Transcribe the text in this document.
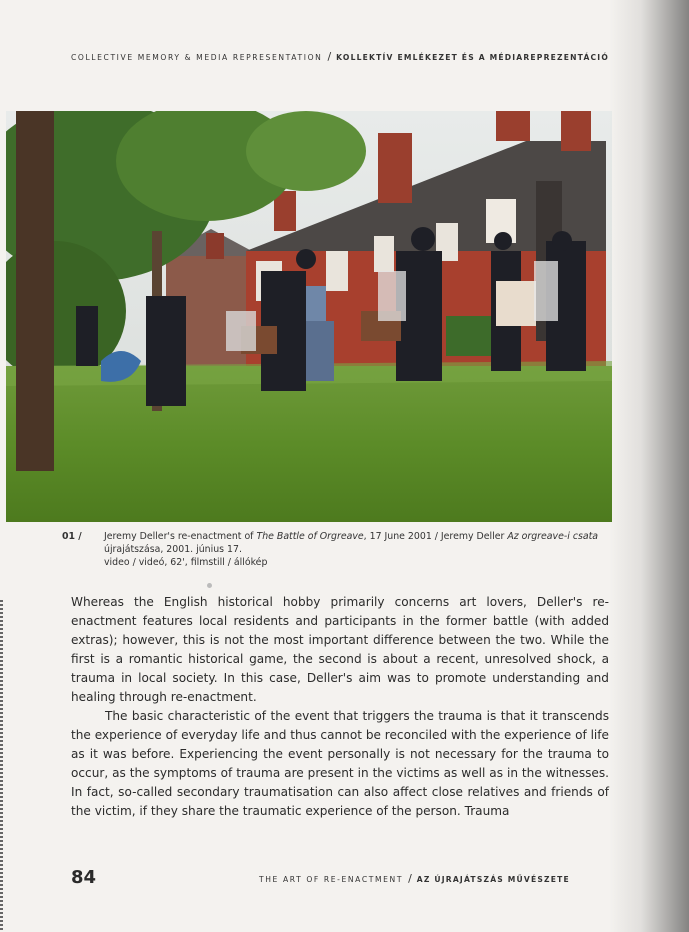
COLLECTIVE MEMORY & MEDIA REPRESENTATION / KOLLEKTÍV EMLÉKEZET ÉS A MÉDIAREPREZENTÁCIÓ
01 / Jeremy Deller's re-enactment of The Battle of Orgreave, 17 June 2001 / Jeremy Deller Az orgreave-i csata újrajátszása, 2001. június 17.
video / videó, 62', filmstill / állókép

Whereas the English historical hobby primarily concerns art lovers, Deller's re-enactment features local residents and participants in the former battle (with added extras); however, this is not the most important difference between the two. While the first is a romantic historical game, the second is about a recent, unresolved shock, a trauma in local society. In this case, Deller's aim was to promote understanding and healing through re-enactment.

The basic characteristic of the event that triggers the trauma is that it transcends the experience of everyday life and thus cannot be reconciled with the experience of life as it was before. Experiencing the event personally is not necessary for the trauma to occur, as the symptoms of trauma are present in the victims as well as in the witnesses. In fact, so-called secondary traumatisation can also affect close relatives and friends of the victim, if they share the traumatic experience of the person. Trauma

84	THE ART OF RE-ENACTMENT / AZ ÚJRAJÁTSZÁS MŰVÉSZETE
